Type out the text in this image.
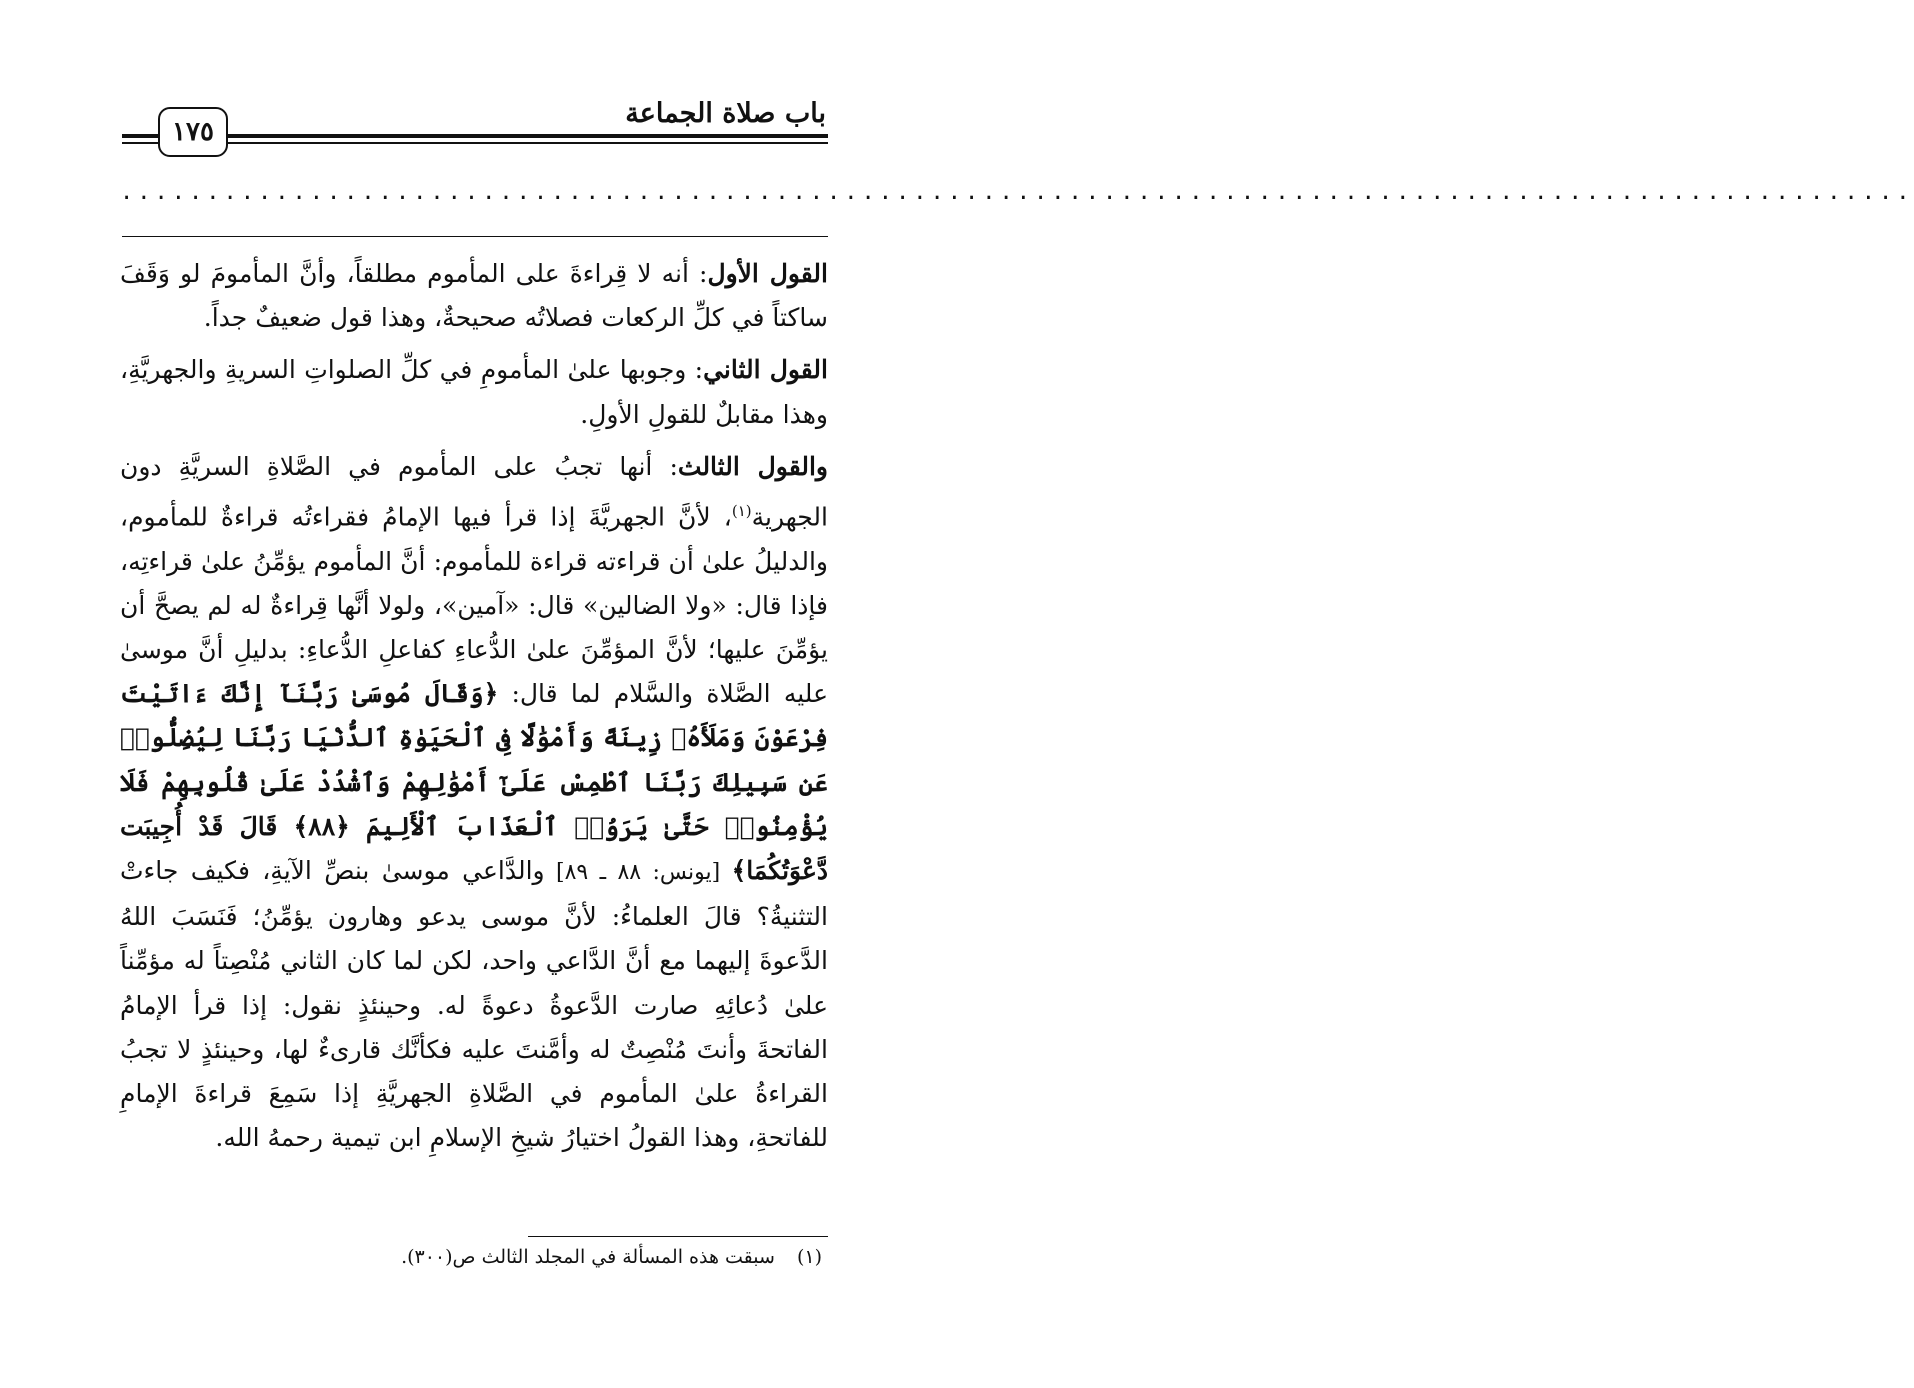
باب صلاة الجماعة
١٧٥
........................................................................................................

القول الأول: أنه لا قِراءةَ على المأموم مطلقاً، وأنَّ المأمومَ لو وَقَفَ ساكتاً في كلِّ الركعات فصلاتُه صحيحةٌ، وهذا قول ضعيفٌ جداً.

القول الثاني: وجوبها علىٰ المأمومِ في كلِّ الصلواتِ السريةِ والجهريَّةِ، وهذا مقابلٌ للقولِ الأولِ.

والقول الثالث: أنها تجبُ على المأموم في الصَّلاةِ السريَّةِ دون الجهرية$^{(١)}$، لأنَّ الجهريَّةَ إذا قرأ فيها الإمامُ فقراءتُه قراءةٌ للمأموم، والدليلُ علىٰ أن قراءته قراءة للمأموم: أنَّ المأموم يؤمِّنُ علىٰ قراءتِه، فإذا قال: «ولا الضالين» قال: «آمين»، ولولا أنَّها قِراءةٌ له لم يصحَّ أن يؤمِّنَ عليها؛ لأنَّ المؤمِّنَ علىٰ الدُّعاءِ كفاعلِ الدُّعاءِ: بدليلِ أنَّ موسىٰ عليه الصَّلاة والسَّلام لما قال: ﴿وَقَالَ مُوسَىٰ رَبَّنَآ إِنَّكَ ءَاتَيْتَ فِرْعَوْنَ وَمَلَأَهُۥ زِينَةً وَأَمْوَٰلًا فِى ٱلْحَيَوٰةِ ٱلدُّنْيَا رَبَّنَا لِيُضِلُّوا۟ عَن سَبِيلِكَ رَبَّنَا ٱطْمِسْ عَلَىٰٓ أَمْوَٰلِهِمْ وَٱشْدُدْ عَلَىٰ قُلُوبِهِمْ فَلَا يُؤْمِنُوا۟ حَتَّىٰ يَرَوُا۟ ٱلْعَذَابَ ٱلْأَلِيمَ ﴿٨٨﴾ قَالَ قَدْ أُجِيبَت دَّعْوَتُكُمَا﴾ [يونس: ٨٨ ـ ٨٩] والدَّاعي موسىٰ بنصِّ الآيةِ، فكيف جاءتْ التثنيةُ؟ قالَ العلماءُ: لأنَّ موسى يدعو وهارون يؤمِّنُ؛ فَنَسَبَ اللهُ الدَّعوةَ إليهما مع أنَّ الدَّاعي واحد، لكن لما كان الثاني مُنْصِتاً له مؤمِّناً علىٰ دُعائِهِ صارت الدَّعوةُ دعوةً له. وحينئذٍ نقول: إذا قرأ الإمامُ الفاتحةَ وأنتَ مُنْصِتٌ له وأمَّنتَ عليه فكأنَّك قارىءٌ لها، وحينئذٍ لا تجبُ القراءةُ علىٰ المأموم في الصَّلاةِ الجهريَّةِ إذا سَمِعَ قراءةَ الإمامِ للفاتحةِ، وهذا القولُ اختيارُ شيخِ الإسلامِ ابن تيمية رحمهُ الله.

(١)سبقت هذه المسألة في المجلد الثالث ص(٣٠٠).
